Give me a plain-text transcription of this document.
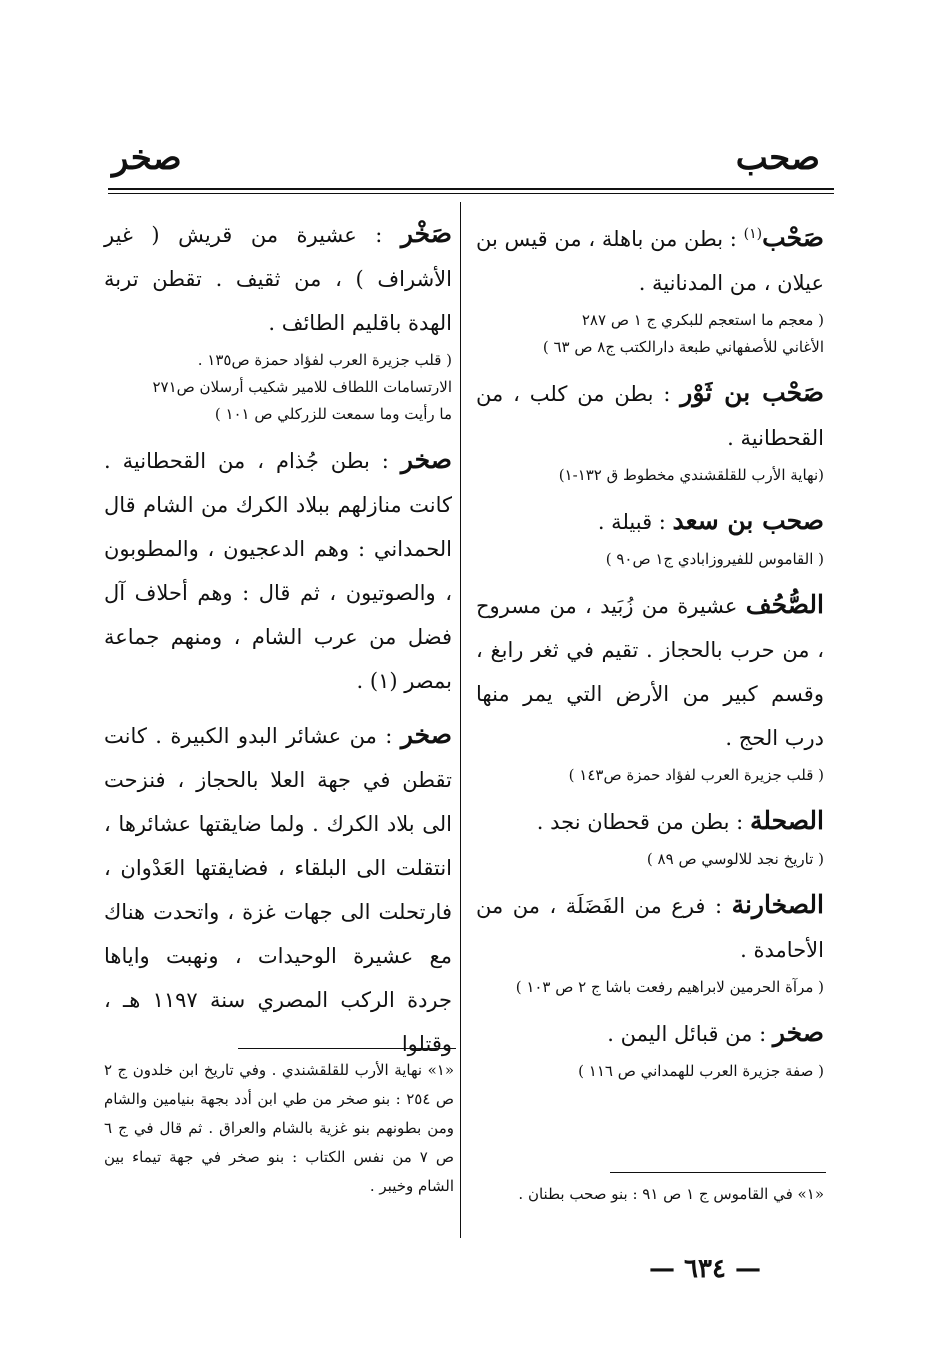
صحب
صخر

صَحْب$^{(١)}$ : بطن من باهلة ، من قيس بن عيلان ، من المدنانية .

( معجم ما استعجم للبكري ج ١ ص ٢٨٧
الأغاني للأصفهاني طبعة دارالكتب ج٨ ص ٦٣ )

صَحْب بن ثَوْر : بطن من كلب ، من القحطانية .

(نهاية الأرب للقلقشندي مخطوط ق ١٣٢-١)

صحب بن سعد : قبيلة .

( القاموس للفيروزابادي ج١ ص٩٠ )

الصُّحُف عشيرة من زُبَيد ، من مسروح ، من حرب بالحجاز . تقيم في ثغر رابغ ، وقسم كبير من الأرض التي يمر منها درب الحج .

( قلب جزيرة العرب لفؤاد حمزة ص١٤٣ )

الصحلة : بطن من قحطان نجد .

( تاريخ نجد للالوسي ص ٨٩ )

الصخارنة : فرع من الفَضَلَة ، من من الأحامدة .

( مرآة الحرمين لابراهيم رفعت باشا ج ٢ ص ١٠٣ )

صخر : من قبائل اليمن .

( صفة جزيرة العرب للهمداني ص ١١٦ )

صَخْر : عشيرة من قريش ( غير الأشراف ) ، من ثقيف . تقطن تربة الهدة باقليم الطائف .

( قلب جزيرة العرب لفؤاد حمزة ص١٣٥ .
الارتسامات اللطاف للامير شكيب أرسلان ص٢٧١
ما رأيت وما سمعت للزركلي ص ١٠١ )

صخر : بطن جُذام ، من القحطانية . كانت منازلهم ببلاد الكرك من الشام قال الحمداني : وهم الدعجيون ، والمطوبون ، والصوتيون ، ثم قال : وهم أحلاف آل فضل من عرب الشام ، ومنهم جماعة بمصر (١) .

صخر : من عشائر البدو الكبيرة . كانت تقطن في جهة العلا بالحجاز ، فنزحت الى بلاد الكرك . ولما ضايقتها عشائرها ، انتقلت الى البلقاء ، فضايقتها العَدْوان ، فارتحلت الى جهات غزة ، واتحدت هناك مع عشيرة الوحيدات ، ونهبت واياها جردة الركب المصري سنة ١١٩٧ هـ ، وقتلوا

«١» نهاية الأرب للقلقشندي . وفي تاريخ ابن خلدون ج ٢ ص ٢٥٤ : بنو صخر من طي ابن أدد بجهة بنيامين والشام ومن بطونهم بنو غزية بالشام والعراق . ثم قال في ج ٦ ص ٧ من نفس الكتاب : بنو صخر في جهة تيماء بين الشام وخيبر .	«١» في القاموس ج ١ ص ٩١ : بنو صحب بطنان .

— ٦٣٤ —
